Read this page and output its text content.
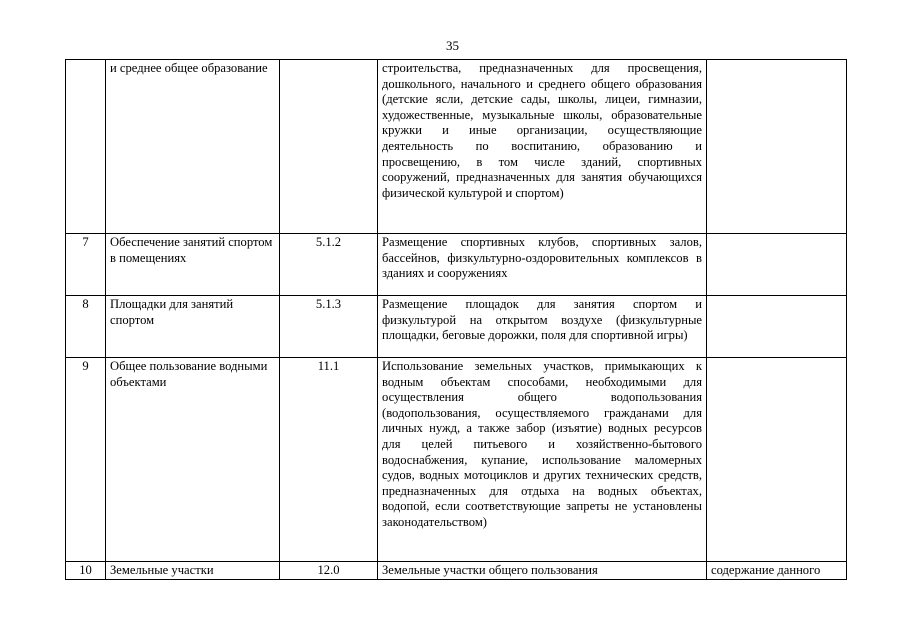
35
	и среднее общее образование		строительства, предназначенных для просвещения, дошкольного, начального и среднего общего образования (детские ясли, детские сады, школы, лицеи, гимназии, художественные, музыкальные школы, образовательные кружки и иные организации, осуществляющие деятельность по воспитанию, образованию и просвещению, в том числе зданий, спортивных сооружений, предназначенных для занятия обучающихся физической культурой и спортом)	

7	Обеспечение занятий спортом в помещениях	5.1.2	Размещение спортивных клубов, спортивных залов, бассейнов, физкультурно-оздоровительных комплексов в зданиях и сооружениях	

8	Площадки для занятий спортом	5.1.3	Размещение площадок для занятия спортом и физкультурой на открытом воздухе (физкультурные площадки, беговые дорожки, поля для спортивной игры)	

9	Общее пользование водными объектами	11.1	Использование земельных участков, примыкающих к водным объектам способами, необходимыми для осуществления общего водопользования (водопользования, осуществляемого гражданами для личных нужд, а также забор (изъятие) водных ресурсов для целей питьевого и хозяйственно-бытового водоснабжения, купание, использование маломерных судов, водных мотоциклов и других технических средств, предназначенных для отдыха на водных объектах, водопой, если соответствующие запреты не установлены законодательством)	

10	Земельные участки	12.0	Земельные участки общего пользования	содержание данного
